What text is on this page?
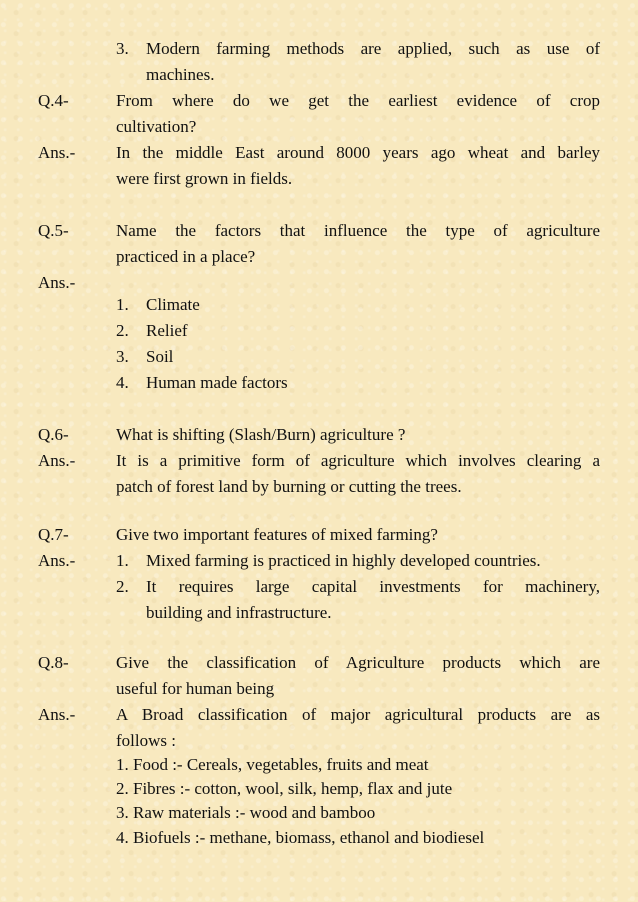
3.	Modern farming methods are applied, such as use of
machines.
Q.4-	From where do we get the earliest evidence of crop
cultivation?
Ans.- In the middle East around 8000 years ago wheat and barley
were first grown in fields.
Q.5-	Name the factors that influence the type of agriculture
practiced in a place?
Ans.-
1.	Climate
2.	Relief
3.	Soil
4.	Human made factors
Q.6-	What is shifting (Slash/Burn) agriculture ?
Ans.- It is a primitive form of agriculture which involves clearing a
patch of forest land by burning or cutting the trees.
Q.7-	Give two important features of mixed farming?
Ans.- 1.	Mixed farming is practiced in highly developed countries.
2.	It requires large capital investments for machinery,
building and infrastructure.
Q.8-	Give the classification of Agriculture products which are
useful for human being
Ans.- A Broad classification of major agricultural products are as
follows :
1. Food :- Cereals, vegetables, fruits and meat
2. Fibres :- cotton, wool, silk, hemp, flax and jute
3. Raw materials :- wood and bamboo
4. Biofuels :- methane, biomass, ethanol and biodiesel
